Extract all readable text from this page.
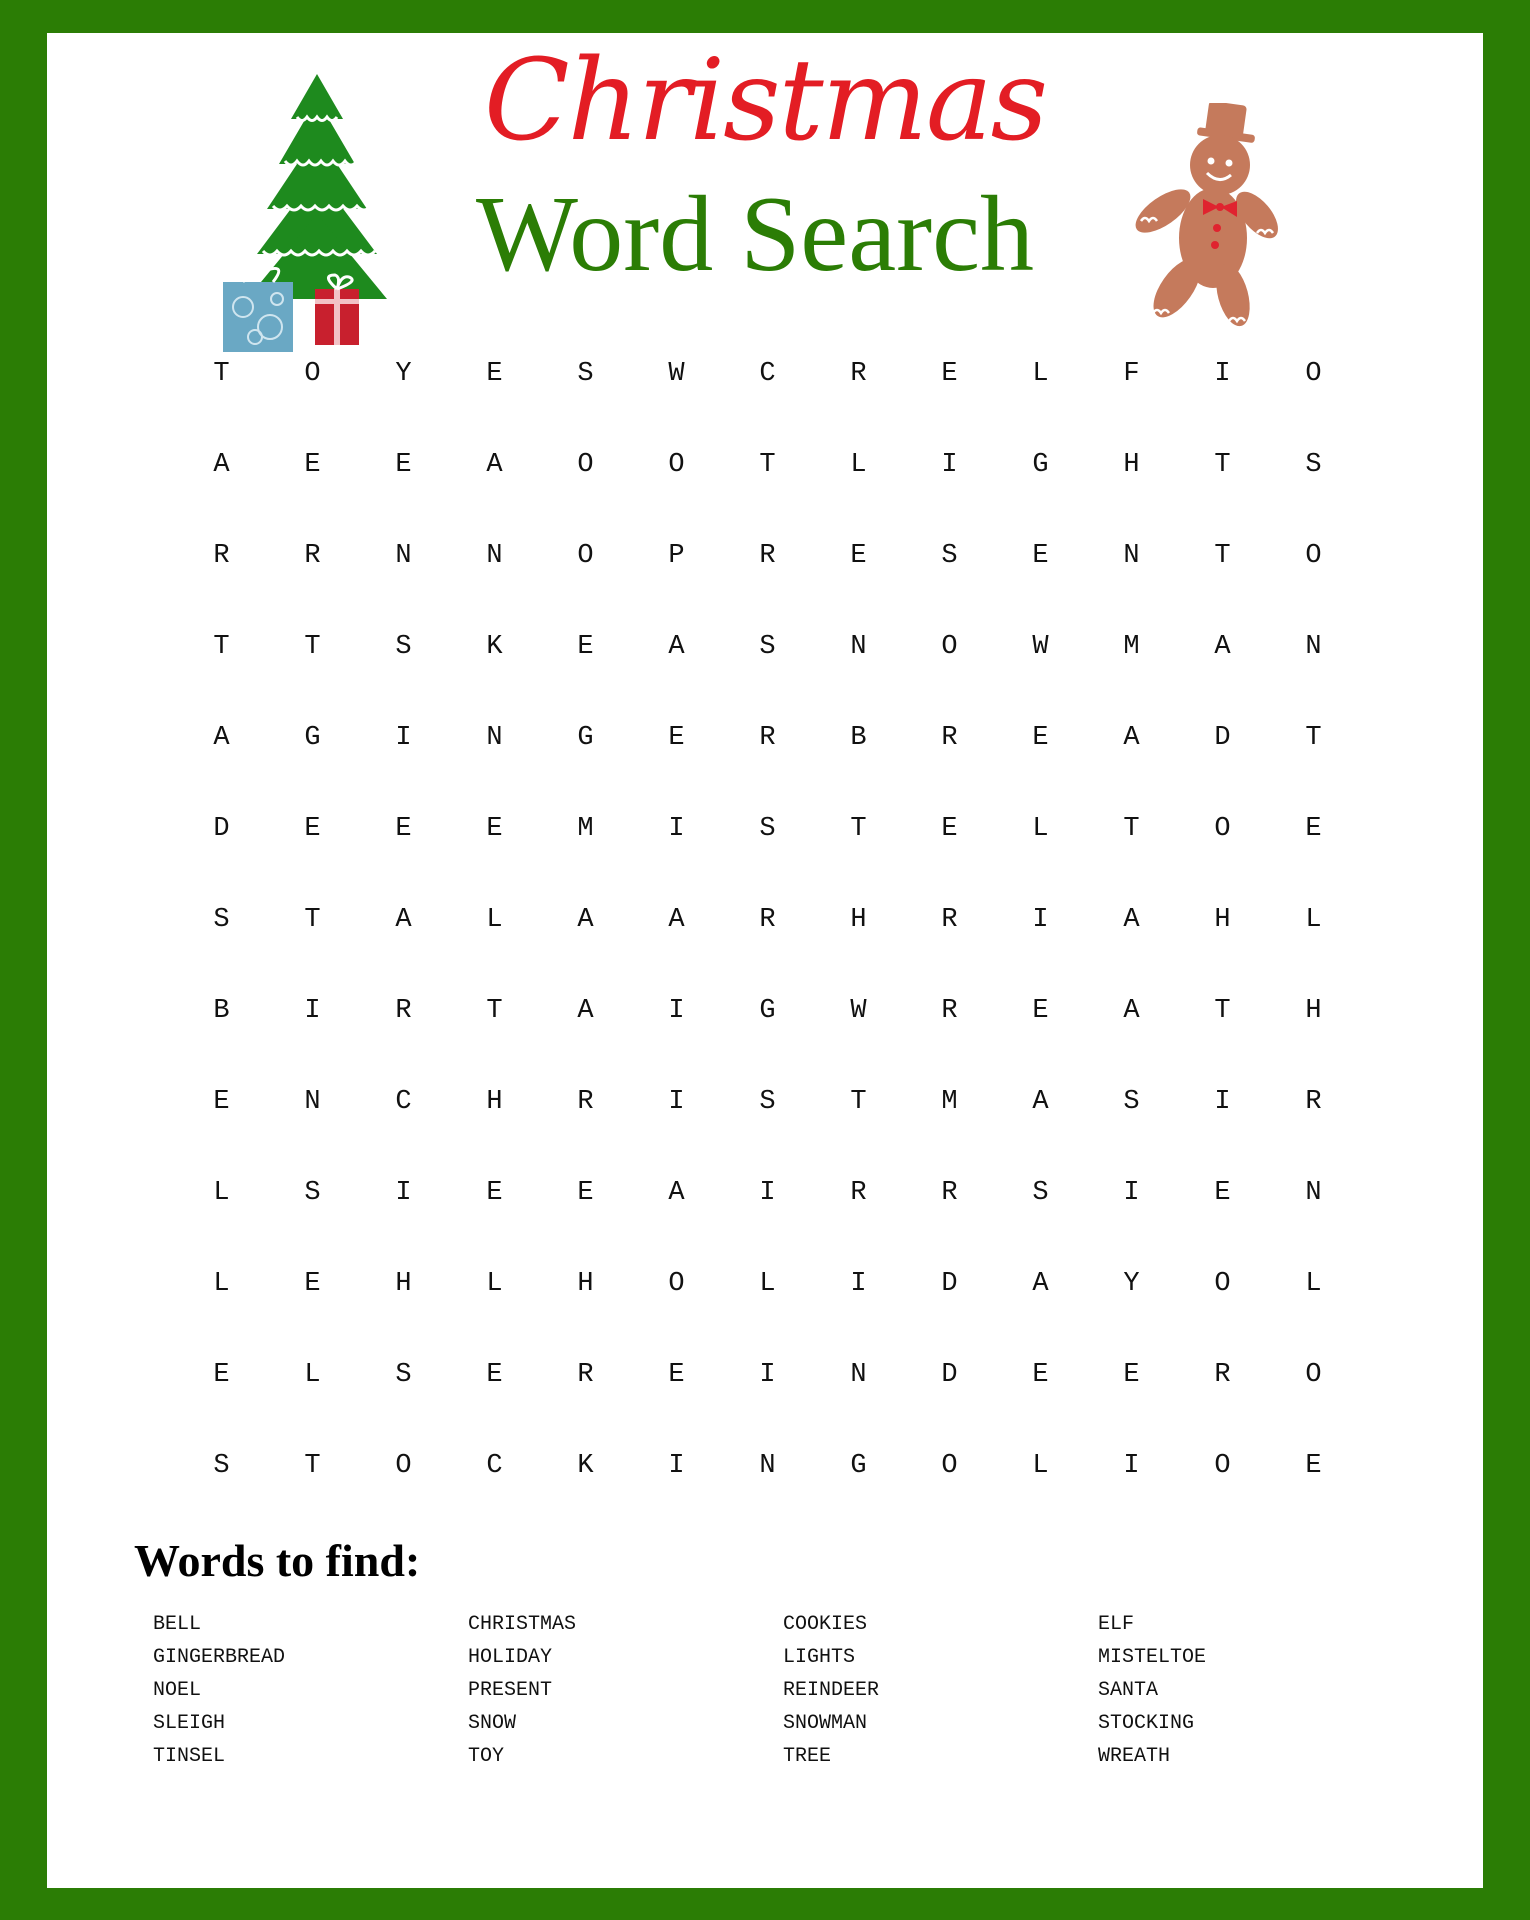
Christmas
Word Search
T	O	Y	E	S	W	C	R	E	L	F	I	O
A	E	E	A	O	O	T	L	I	G	H	T	S
R	R	N	N	O	P	R	E	S	E	N	T	O
T	T	S	K	E	A	S	N	O	W	M	A	N
A	G	I	N	G	E	R	B	R	E	A	D	T
D	E	E	E	M	I	S	T	E	L	T	O	E
S	T	A	L	A	A	R	H	R	I	A	H	L
B	I	R	T	A	I	G	W	R	E	A	T	H
E	N	C	H	R	I	S	T	M	A	S	I	R
L	S	I	E	E	A	I	R	R	S	I	E	N
L	E	H	L	H	O	L	I	D	A	Y	O	L
E	L	S	E	R	E	I	N	D	E	E	R	O
S	T	O	C	K	I	N	G	O	L	I	O	E
Words to find:
BELL	CHRISTMAS	COOKIES	ELF
GINGERBREAD	HOLIDAY	LIGHTS	MISTELTOE
NOEL	PRESENT	REINDEER	SANTA
SLEIGH	SNOW	SNOWMAN	STOCKING
TINSEL	TOY	TREE	WREATH
